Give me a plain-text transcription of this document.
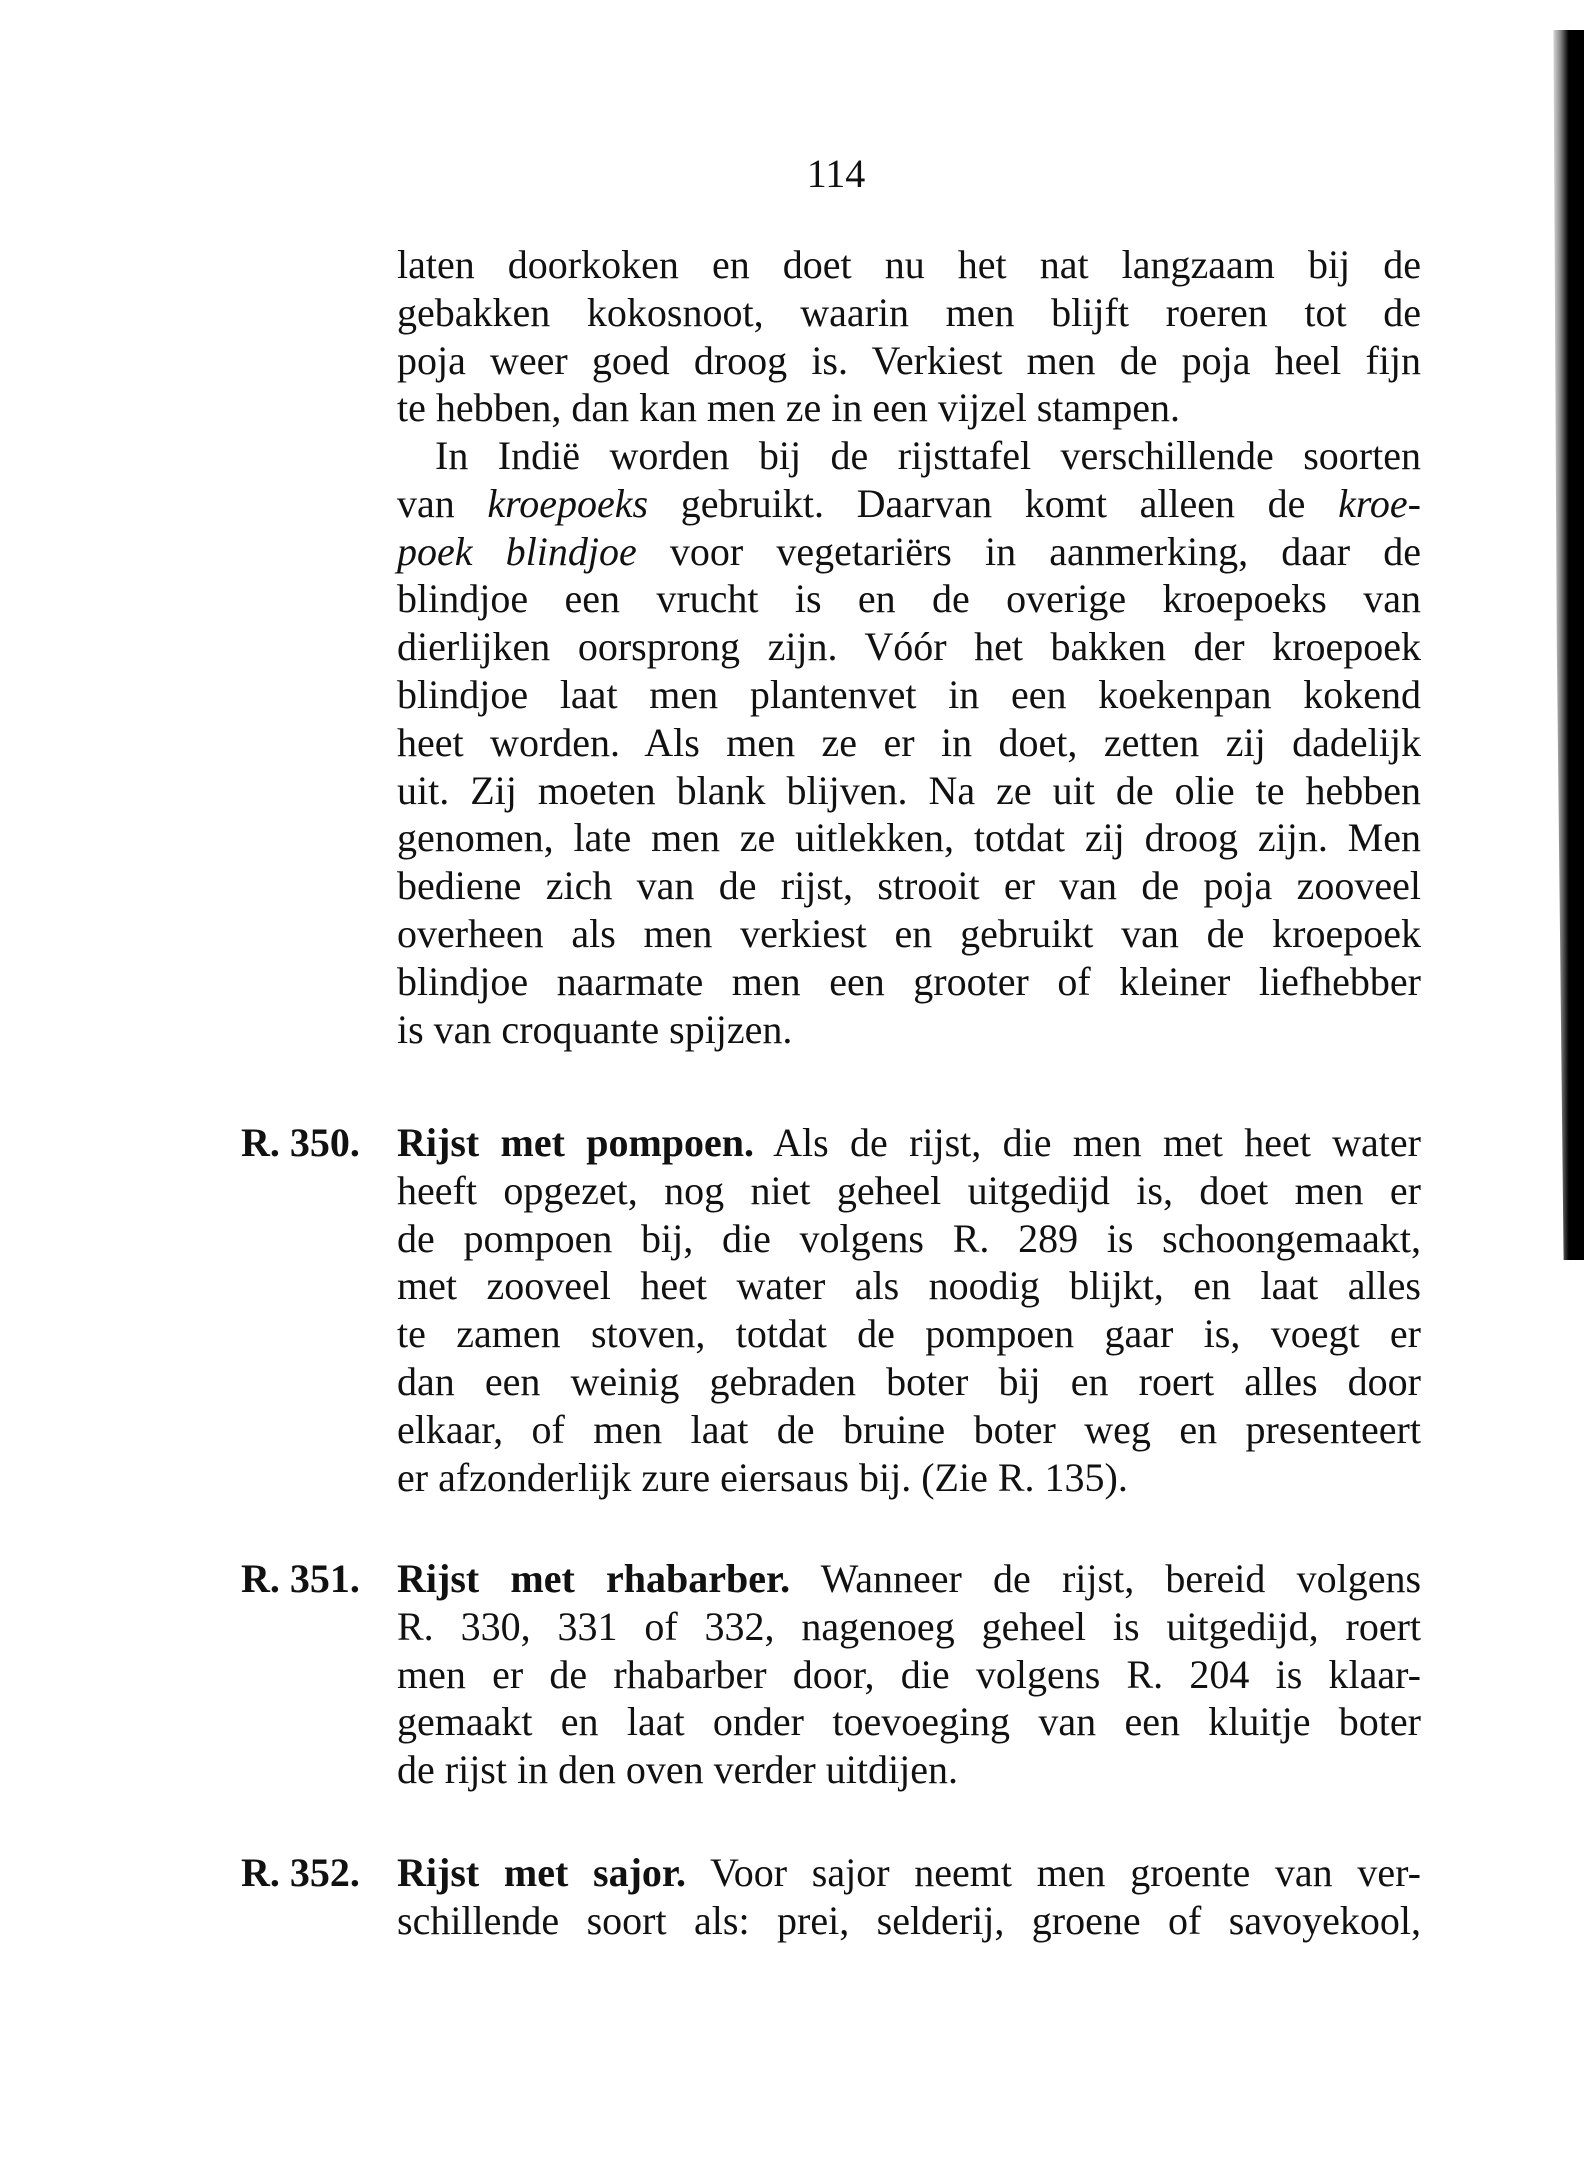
114
laten doorkoken en doet nu het nat langzaam bij de
gebakken kokosnoot, waarin men blijft roeren tot de
poja weer goed droog is. Verkiest men de poja heel fijn
te hebben, dan kan men ze in een vijzel stampen.
In Indië worden bij de rijsttafel verschillende soorten
van kroepoeks gebruikt. Daarvan komt alleen de kroe-
poek blindjoe voor vegetariërs in aanmerking, daar de
blindjoe een vrucht is en de overige kroepoeks van
dierlijken oorsprong zijn. Vóór het bakken der kroepoek
blindjoe laat men plantenvet in een koekenpan kokend
heet worden. Als men ze er in doet, zetten zij dadelijk
uit. Zij moeten blank blijven. Na ze uit de olie te hebben
genomen, late men ze uitlekken, totdat zij droog zijn. Men
bediene zich van de rijst, strooit er van de poja zooveel
overheen als men verkiest en gebruikt van de kroepoek
blindjoe naarmate men een grooter of kleiner liefhebber
is van croquante spijzen.
R. 350. Rijst met pompoen. Als de rijst, die men met heet water
heeft opgezet, nog niet geheel uitgedijd is, doet men er
de pompoen bij, die volgens R. 289 is schoongemaakt,
met zooveel heet water als noodig blijkt, en laat alles
te zamen stoven, totdat de pompoen gaar is, voegt er
dan een weinig gebraden boter bij en roert alles door
elkaar, of men laat de bruine boter weg en presenteert
er afzonderlijk zure eiersaus bij. (Zie R. 135).
R. 351. Rijst met rhabarber. Wanneer de rijst, bereid volgens
R. 330, 331 of 332, nagenoeg geheel is uitgedijd, roert
men er de rhabarber door, die volgens R. 204 is klaar-
gemaakt en laat onder toevoeging van een kluitje boter
de rijst in den oven verder uitdijen.
R. 352. Rijst met sajor. Voor sajor neemt men groente van ver-
schillende soort als: prei, selderij, groene of savoyekool,
